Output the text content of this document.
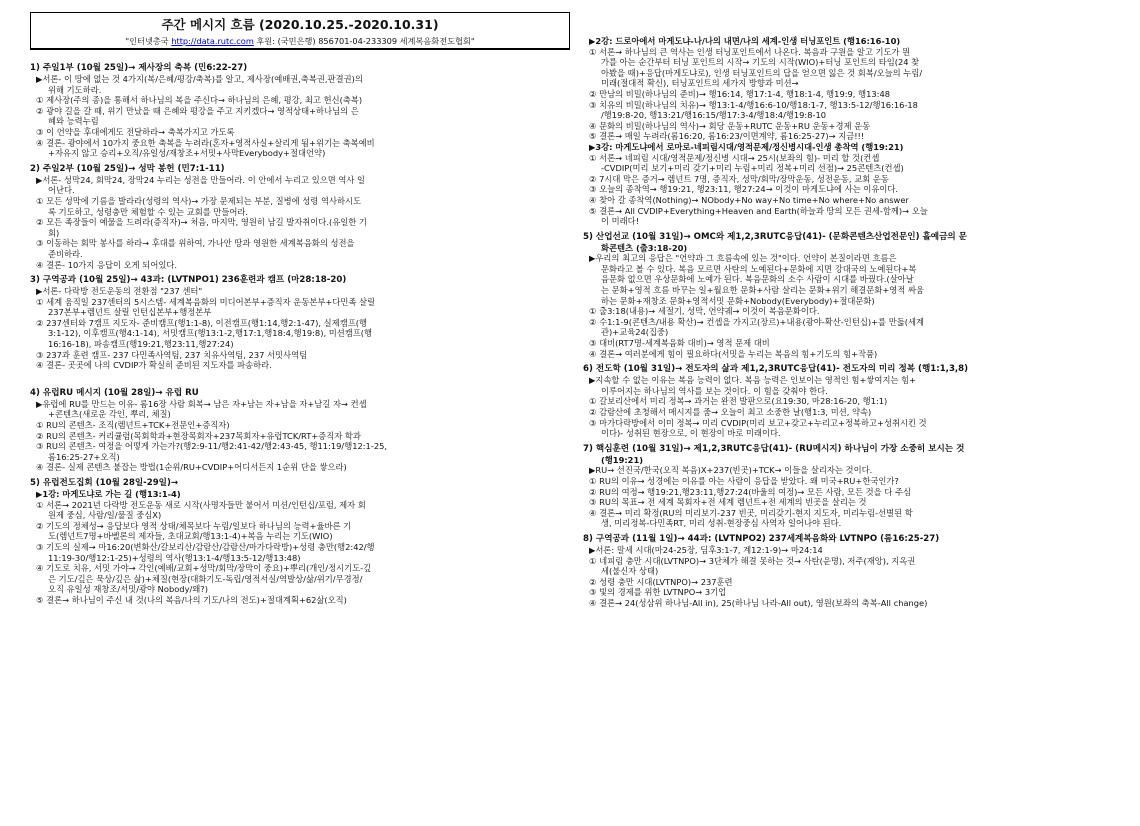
주간 메시지 흐름 (2020.10.25.-2020.10.31)
"인터넷총국 http://data.rutc.com 후원: (국민은행) 856701-04-233309 세계복음화전도협회"
1) 주일1부 (10월 25일)→ 제사장의 축복 (민6:22-27)
▶서론- 이 땅에 없는 것 4가지(복/은혜/평강/축복)를 알고, 제사장(예배권,축복권,판결권)의
위해 기도하라.
① 제사장(주의 종)을 통해서 하나님의 복을 주신다→ 하나님의 은혜, 평강, 최고 헌신(축복)
② 광야 길을 갈 때, 위기 만났을 때 은혜와 평강을 주고 지키겠다→ 영적상태+하나님의 은
혜와 능력누림
③ 이 언약을 후대에게도 전달하라→ 축복가지고 가도록
④ 결론- 광야에서 10가지 중요한 축복을 누려라(혼자+영적사실+살리게 됨+위기는 축복예비
+자유지 않고 승리+오직/유일성/재창조+서밋+사막Everybody+절대언약)
2) 주일2부 (10월 25일)→ 성막 봉헌 (민7:1-11)
▶서론- 성막24, 회막24, 장막24 누리는 성전을 만들어라. 이 안에서 누리고 있으면 역사 일
어난다.
① 모든 성막에 기름을 발라라(성령의 역사)→ 가장 문제되는 부분, 질병에 성령 역사하시도
록 기도하고, 성령충만 체험할 수 있는 교회를 만들어라.
② 모든 족장들이 예물을 드려라(증직자)→ 처음, 마지막, 영원히 남길 발자취이다.(유일한 기
회)
③ 이동하는 회막 봉사를 하라→ 후대를 위하여, 가나안 땅과 영원한 세계복음화의 성전을
준비하라.
④ 결론- 10가지 응답이 오게 되어있다.
3) 구역공과 (10월 25일)→ 43과: (LVTNPO1) 236훈련과 캠프 (마28:18-20)
▶서론- 다락방 전도운동의 전환점 "237 센터"
① 세계 움직일 237센터의 5시스템- 세계복음화의 미디어본부+증직자 운동본부+다민족 살릴
237본부+렘넌트 살릴 인턴십본부+행정본부
② 237센터와 7캠프 지도자- 준비캠프(행1:1-8), 이전캠프(행1:14,행2:1-47), 실제캠프(행
3:1-12), 이후캠프(행4:1-14), 서밋캠프(행13:1-2,행17:1,행18:4,행19:8), 미션캠프(행
16:16-18), 파송캠프(행19:21,행23:11,행27:24)
③ 237과 훈련 캠프- 237 다민족사역팀, 237 치유사역팀, 237 서밋사역팀
④ 결론- 곳곳에 나의 CVDIP가 확실히 준비된 지도자를 파송하라.
4) 유럽RU 메시지 (10월 28일)→ 유럽 RU
▶유럽에 RU를 만드는 이유- 롬16장 사람 회복→ 남은 자+남는 자+남을 자+남길 자→ 컨셉
+콘텐츠(새로운 각인, 뿌리, 체질)
① RU의 콘텐츠- 조직(렘넌트+TCK+전문인+증직자)
② RU의 콘텐츠- 커리큘럼(목회학과+현장목회자+237목회자+유럽TCK/RT+증직자 학과
③ RU의 콘텐츠- 여정을 어떻게 가는가?(행2:9-11/행2:41-42/행2:43-45, 행11:19/행12:1-25,
롬16:25-27+오직)
④ 결론- 실제 콘텐츠 붙잡는 방법(1순위/RU+CVDIP+어디서든지 1순위 단을 쌓으라)
5) 유럽전도집회 (10월 28일-29일)→
▶1강: 마게도냐로 가는 길 (행13:1-4)
① 서론→ 2021년 다락방 전도운동 새로 시작(사명자들만 붙어서 미션/인턴십/포럼, 제자 회
원제 중심, 사람/일/물질 중심X)
② 기도의 정체성→ 응답보다 영적 상태/체목보다 누림/일보다 하나님의 능력+율바른 기
도(렘넌트7명+바벨론의 제자들, 초대교회/행13:1-4)+복음 누리는 기도(WIO)
③ 기도의 실제→ 마16:20(변화산/갈보리산/감람산/감람산/마가다락방)+성령 충만(행2:42/행
11:19-30/행12:1-25)+성령의 역사(행13:1-4/행13:5-12/행13:48)
④ 기도로 치유, 서밋 가야→ 각인(예배/교회+성막/회막/장막이 중요)+뿌리(개인/정시기도-깊
은 기도/깊은 묵상/깊은 삶)+체질(현장(대화기도-독립/영적서실/역발상/삶/위기/무경정/
오직 유일성 재창조/서밋/광야 Nobody/왜?)
⑤ 결론→ 하나님이 주신 내 것(나의 복음/나의 기도/나의 전도)+절대계획+62삶(오직)
▶2강: 드로아에서 마게도냐-나/나의 내면/나의 세계-인생 터닝포인트 (행16:16-10)
① 서론→ 하나님의 큰 역사는 인생 터닝포인트에서 나온다. 복음과 구원을 알고 기도가 뭔
가를 아는 순간부터 터닝 포인트의 시작→ 기도의 시작(WIO)+터닝 포인트의 타임(24 찾
아봤을 때)+응답(마게도냐로), 인생 터닝포인트의 답을 얻으면 잃은 것 회복/오늘의 누림/
미래(절대적 확신), 터닝포인트의 세가지 방향과 미션→
② 만남의 비밀(하나님의 준비)→ 행16:14, 행17:1-4, 행18:1-4, 행19:9, 행13:48
③ 치유의 비밀(하나님의 치유)→ 행13:1-4/행16:6-10/행18:1-7, 행13:5-12/행16:16-18
/행19:8-20, 행13:21/행16:15/행17:3-4/행18:4/행19:8-10
④ 문화의 비밀(하나님의 역사)→ 회당 운동+RUTC 운동+RU 운동+경제 운동
⑤ 결론→ 매일 누려라(롬16:20, 롬16:23/이면계약, 롬16:25-27)→ 지금!!!
▶3강: 마게도냐에서 로마로-네피림시대/영적문제/정신병시대-인생 총착역 (행19:21)
① 서론→ 네피림 시대/영적문제/정신병 시대→ 25시(보좌의 힘)- 미리 할 것(컨셉
-CVDIP(미리 보기+미리 갖기+미리 누림+미리 정복+미리 선점)→ 25콘텐츠(컨셉)
② 7시대 막은 증거→ 렘넌트 7명, 증직자, 성막/회막/장막운동, 성전운동, 교회 운동
③ 오늘의 종착역→ 행19:21, 행23:11, 행27:24→ 이것이 마게도냐에 사는 이유이다.
④ 찾아 갈 종착역(Nothing)→ NObody+No way+No time+No where+No answer
⑤ 결론→ All CVDIP+Everything+Heaven and Earth(하늘과 땅의 모든 권세-함께)→ 오늘
이 미래다!
5) 산업선교 (10월 31일)→ OMC와 제1,2,3RUTC응답(41)- (문화콘텐츠산업전문인) 흘예금의 문
화콘텐츠 (출3:18-20)
▶우리의 최고의 응답은 "언약과 그 흐름속에 있는 것"이다. 언약이 본질이라면 흐름은
문화라고 볼 수 있다. 복음 모르면 사탄의 노예된다+문화에 지면 강대국의 노예된다+복
음문화 없으면 우상문화에 노예가 된다. 복음문화의 소수 사람이 시대를 바꿨다.(살아날
는 문화+영적 흐름 바꾸는 일+월요한 문화+사람 살리는 문화+위기 해결문화+영적 싸움
하는 문화+재창조 문화+영적서밋 문화+Nobody(Everybody)+절대문화)
① 출3:18(내용)→ 세절기, 성막, 언약궤→ 이것이 복음문화이다.
② 수1:1-9(콘텐츠/내용 확산)→ 컨셉을 가지고(장르)+내용(광야-확산-인턴십)+를 만듦(세계
관)+교육24(집중)
③ 대비(RT7명-세계복음화 대비)→ 영적 문제 대비
④ 결론→ 여러분에게 힘이 필요하다(서밋을 누리는 복음의 힘+기도의 힘+작품)
6) 전도학 (10월 31일)→ 전도자의 삶과 제1,2,3RUTC응답(41)- 전도자의 미리 정복 (행1:1,3,8)
▶지속할 수 없는 이유는 복음 능력이 없다. 복음 능력은 인보이는 영적인 힘+쌓여지는 힘+
이루어지는 하나님의 역사를 보는 것이다. 이 힘을 갖춰야 한다.
① 갈보리산에서 미리 정복→ 과거는 완전 발판으로(요19:30, 마28:16-20, 행1:1)
② 감람산에 초청해서 메시지를 줌→ 오늘이 최고 소중한 날(행1:3, 미션, 약속)
③ 마가다락방에서 이미 정복→ 미리 CVDIP(미리 보고+갖고+누리고+정복하고+성취시킨 것
이다)- 성취된 현장으로, 이 현장이 바로 미래이다.
7) 핵심훈련 (10월 31일)→ 제1,2,3RUTC응답(41)- (RU메시지) 하나님이 가장 소중히 보시는 것
(행19:21)
▶RU→ 선진국/한국(오직 복음)X+237(빈곳)+TCK→ 이들을 살리자는 것이다.
① RU의 이유→ 성경에는 이유를 아는 사람이 응답을 받았다. 왜 미국+RU+한국인가?
② RU의 여정→ 행19:21,행23:11,행27:24(바울의 여정)→ 모든 사람, 모든 것을 다 주심
③ RU의 목표→ 전 세계 목회자+전 세계 렘넌트+전 세계의 빈곳을 살리는 것
④ 결론→ 미리 확정(RU의 미리보기-237 빈곳, 미리갖기-현지 지도자, 미리누림-선별된 학
생, 미리정복-다민족RT, 미리 성취-현장중심 사역자 일어나야 된다.
8) 구역공과 (11월 1일)→ 44과: (LVTNPO2) 237세계복음화와 LVTNPO (롬16:25-27)
▶서론: 말세 시대(마24-25장, 딤후3:1-7, 계12:1-9)→ 마24:14
① 네피림 충만 시대(LVTNPO)→ 3단체가 해결 못하는 것→ 사탄(운명), 저주(재앙), 지옥권
세(불신자 상태)
② 성령 충만 시대(LVTNPO)→ 237훈련
③ 빛의 경제를 위한 LVTNPO→ 3기업
④ 결론→ 24(성삼위 하나님-All in), 25(하나님 나라-All out), 영원(보좌의 축복-All change)
